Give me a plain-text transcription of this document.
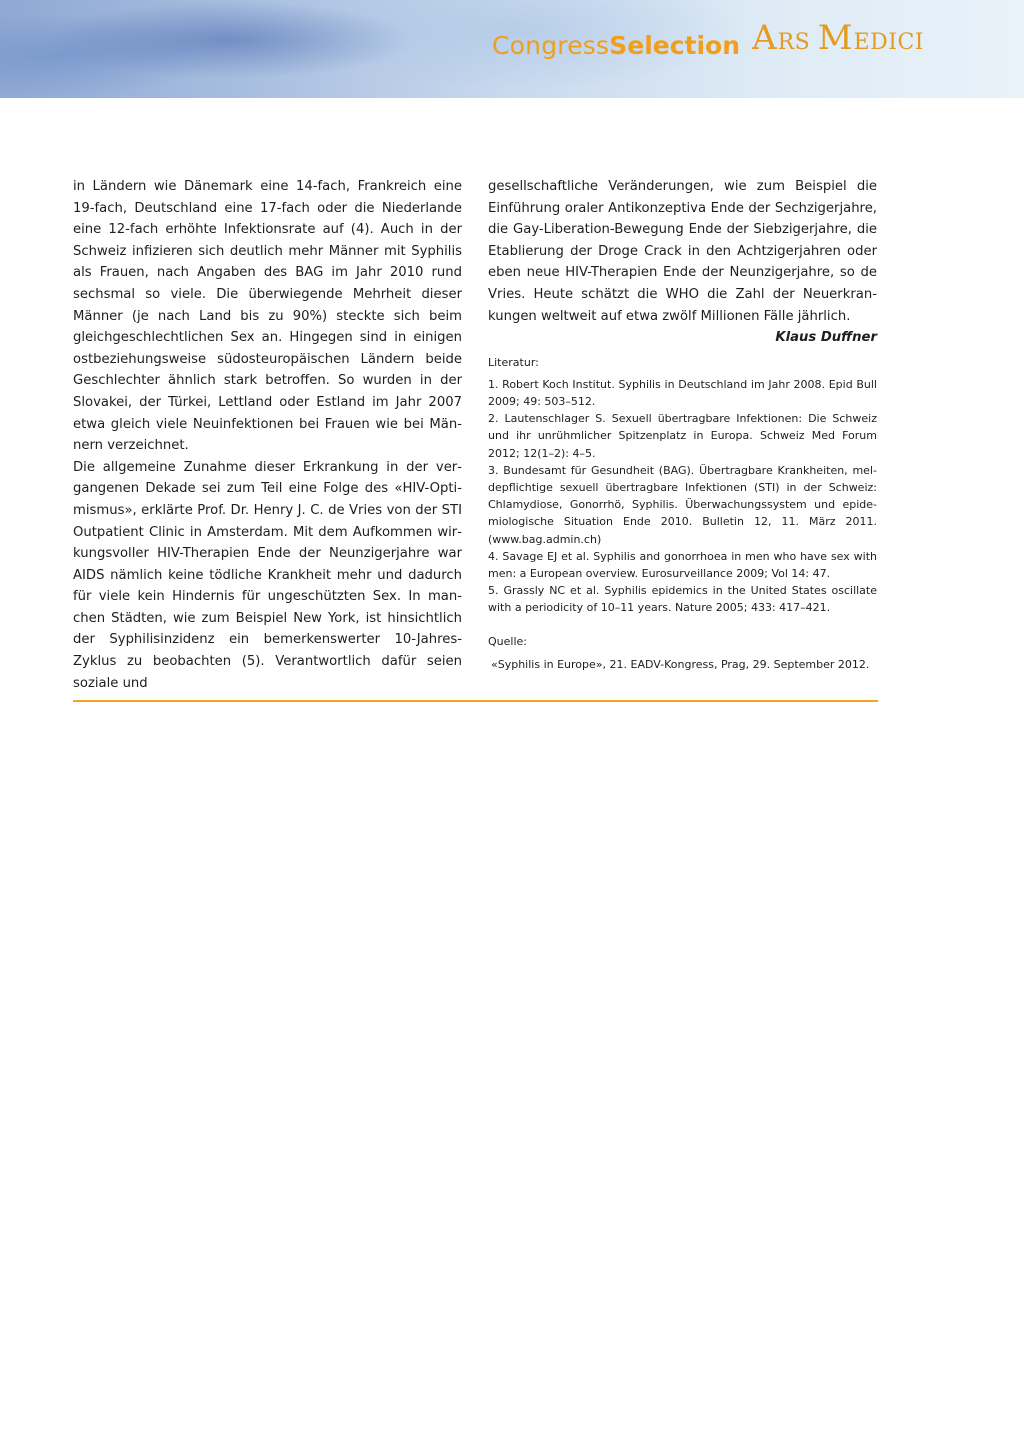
Congress Selection ARS MEDICI

in Ländern wie Dänemark eine 14-fach, Frankreich eine 19-fach, Deutschland eine 17-fach oder die Niederlande eine 12-fach erhöhte Infektionsrate auf (4). Auch in der Schweiz infizieren sich deutlich mehr Männer mit Syphilis als Frauen, nach Angaben des BAG im Jahr 2010 rund sechsmal so viele. Die überwiegende Mehrheit dieser Männer (je nach Land bis zu 90%) steckte sich beim gleichgeschlechtlichen Sex an. Hingegen sind in einigen ostbeziehungsweise südosteuropäischen Ländern beide Geschlechter ähnlich stark betroffen. So wurden in der Slovakei, der Türkei, Lettland oder Estland im Jahr 2007 etwa gleich viele Neuinfektionen bei Frauen wie bei Männern verzeichnet.

Die allgemeine Zunahme dieser Erkrankung in der vergangenen Dekade sei zum Teil eine Folge des «HIV-Optimismus», erklärte Prof. Dr. Henry J. C. de Vries von der STI Outpatient Clinic in Amsterdam. Mit dem Aufkommen wirkungsvoller HIV-Therapien Ende der Neunzigerjahre war AIDS nämlich keine tödliche Krankheit mehr und dadurch für viele kein Hindernis für ungeschützten Sex. In manchen Städten, wie zum Beispiel New York, ist hinsichtlich der Syphilisinzidenz ein bemerkenswerter 10-Jahres-Zyklus zu beobachten (5). Verantwortlich dafür seien soziale und

gesellschaftliche Veränderungen, wie zum Beispiel die Einführung oraler Antikonzeptiva Ende der Sechzigerjahre, die Gay-Liberation-Bewegung Ende der Siebzigerjahre, die Etablierung der Droge Crack in den Achtzigerjahren oder eben neue HIV-Therapien Ende der Neunzigerjahre, so de Vries. Heute schätzt die WHO die Zahl der Neuerkrankungen weltweit auf etwa zwölf Millionen Fälle jährlich.

Klaus Duffner

Literatur:

1. Robert Koch Institut. Syphilis in Deutschland im Jahr 2008. Epid Bull 2009; 49: 503–512.

2. Lautenschlager S. Sexuell übertragbare Infektionen: Die Schweiz und ihr unrühmlicher Spitzenplatz in Europa. Schweiz Med Forum 2012; 12(1–2): 4–5.

3. Bundesamt für Gesundheit (BAG). Übertragbare Krankheiten, meldepflichtige sexuell übertragbare Infektionen (STI) in der Schweiz: Chlamydiose, Gonorrhö, Syphilis. Überwachungssystem und epidemiologische Situation Ende 2010. Bulletin 12, 11. März 2011. (www.bag.admin.ch)

4. Savage EJ et al. Syphilis and gonorrhoea in men who have sex with men: a European overview. Eurosurveillance 2009; Vol 14: 47.

5. Grassly NC et al. Syphilis epidemics in the United States oscillate with a periodicity of 10–11 years. Nature 2005; 433: 417–421.

Quelle:
«Syphilis in Europe», 21. EADV-Kongress, Prag, 29. September 2012.
